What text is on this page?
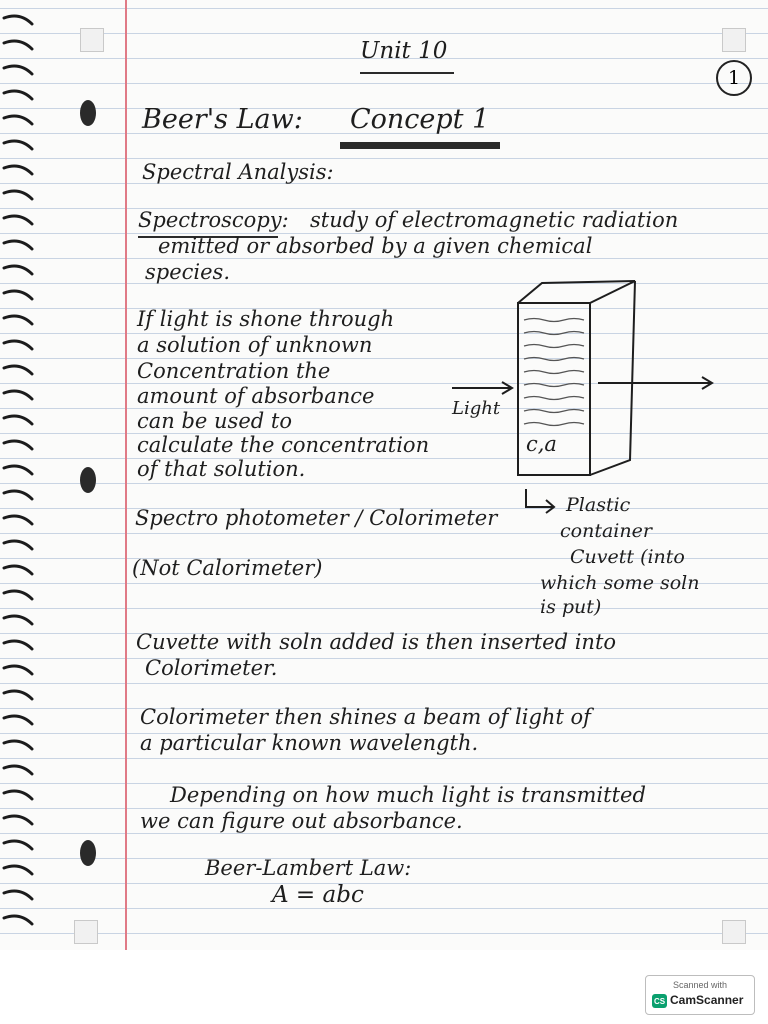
Unit 10
1
Beer's Law: Concept 1
Spectral Analysis:
Spectroscopy: study of electromagnetic radiation
emitted or absorbed by a given chemical
species.
If light is shone through
a solution of unknown
Concentration the
amount of absorbance
can be used to
calculate the concentration
of that solution.
Light
c,a
Plastic
container
Cuvett (into
which some soln
is put)
Spectro photometer / Colorimeter
(Not Calorimeter)
Cuvette with soln added is then inserted into
Colorimeter.
Colorimeter then shines a beam of light of
a particular known wavelength.
Depending on how much light is transmitted
we can figure out absorbance.
Beer-Lambert Law:
A = abc
Scanned with
CS CamScanner
